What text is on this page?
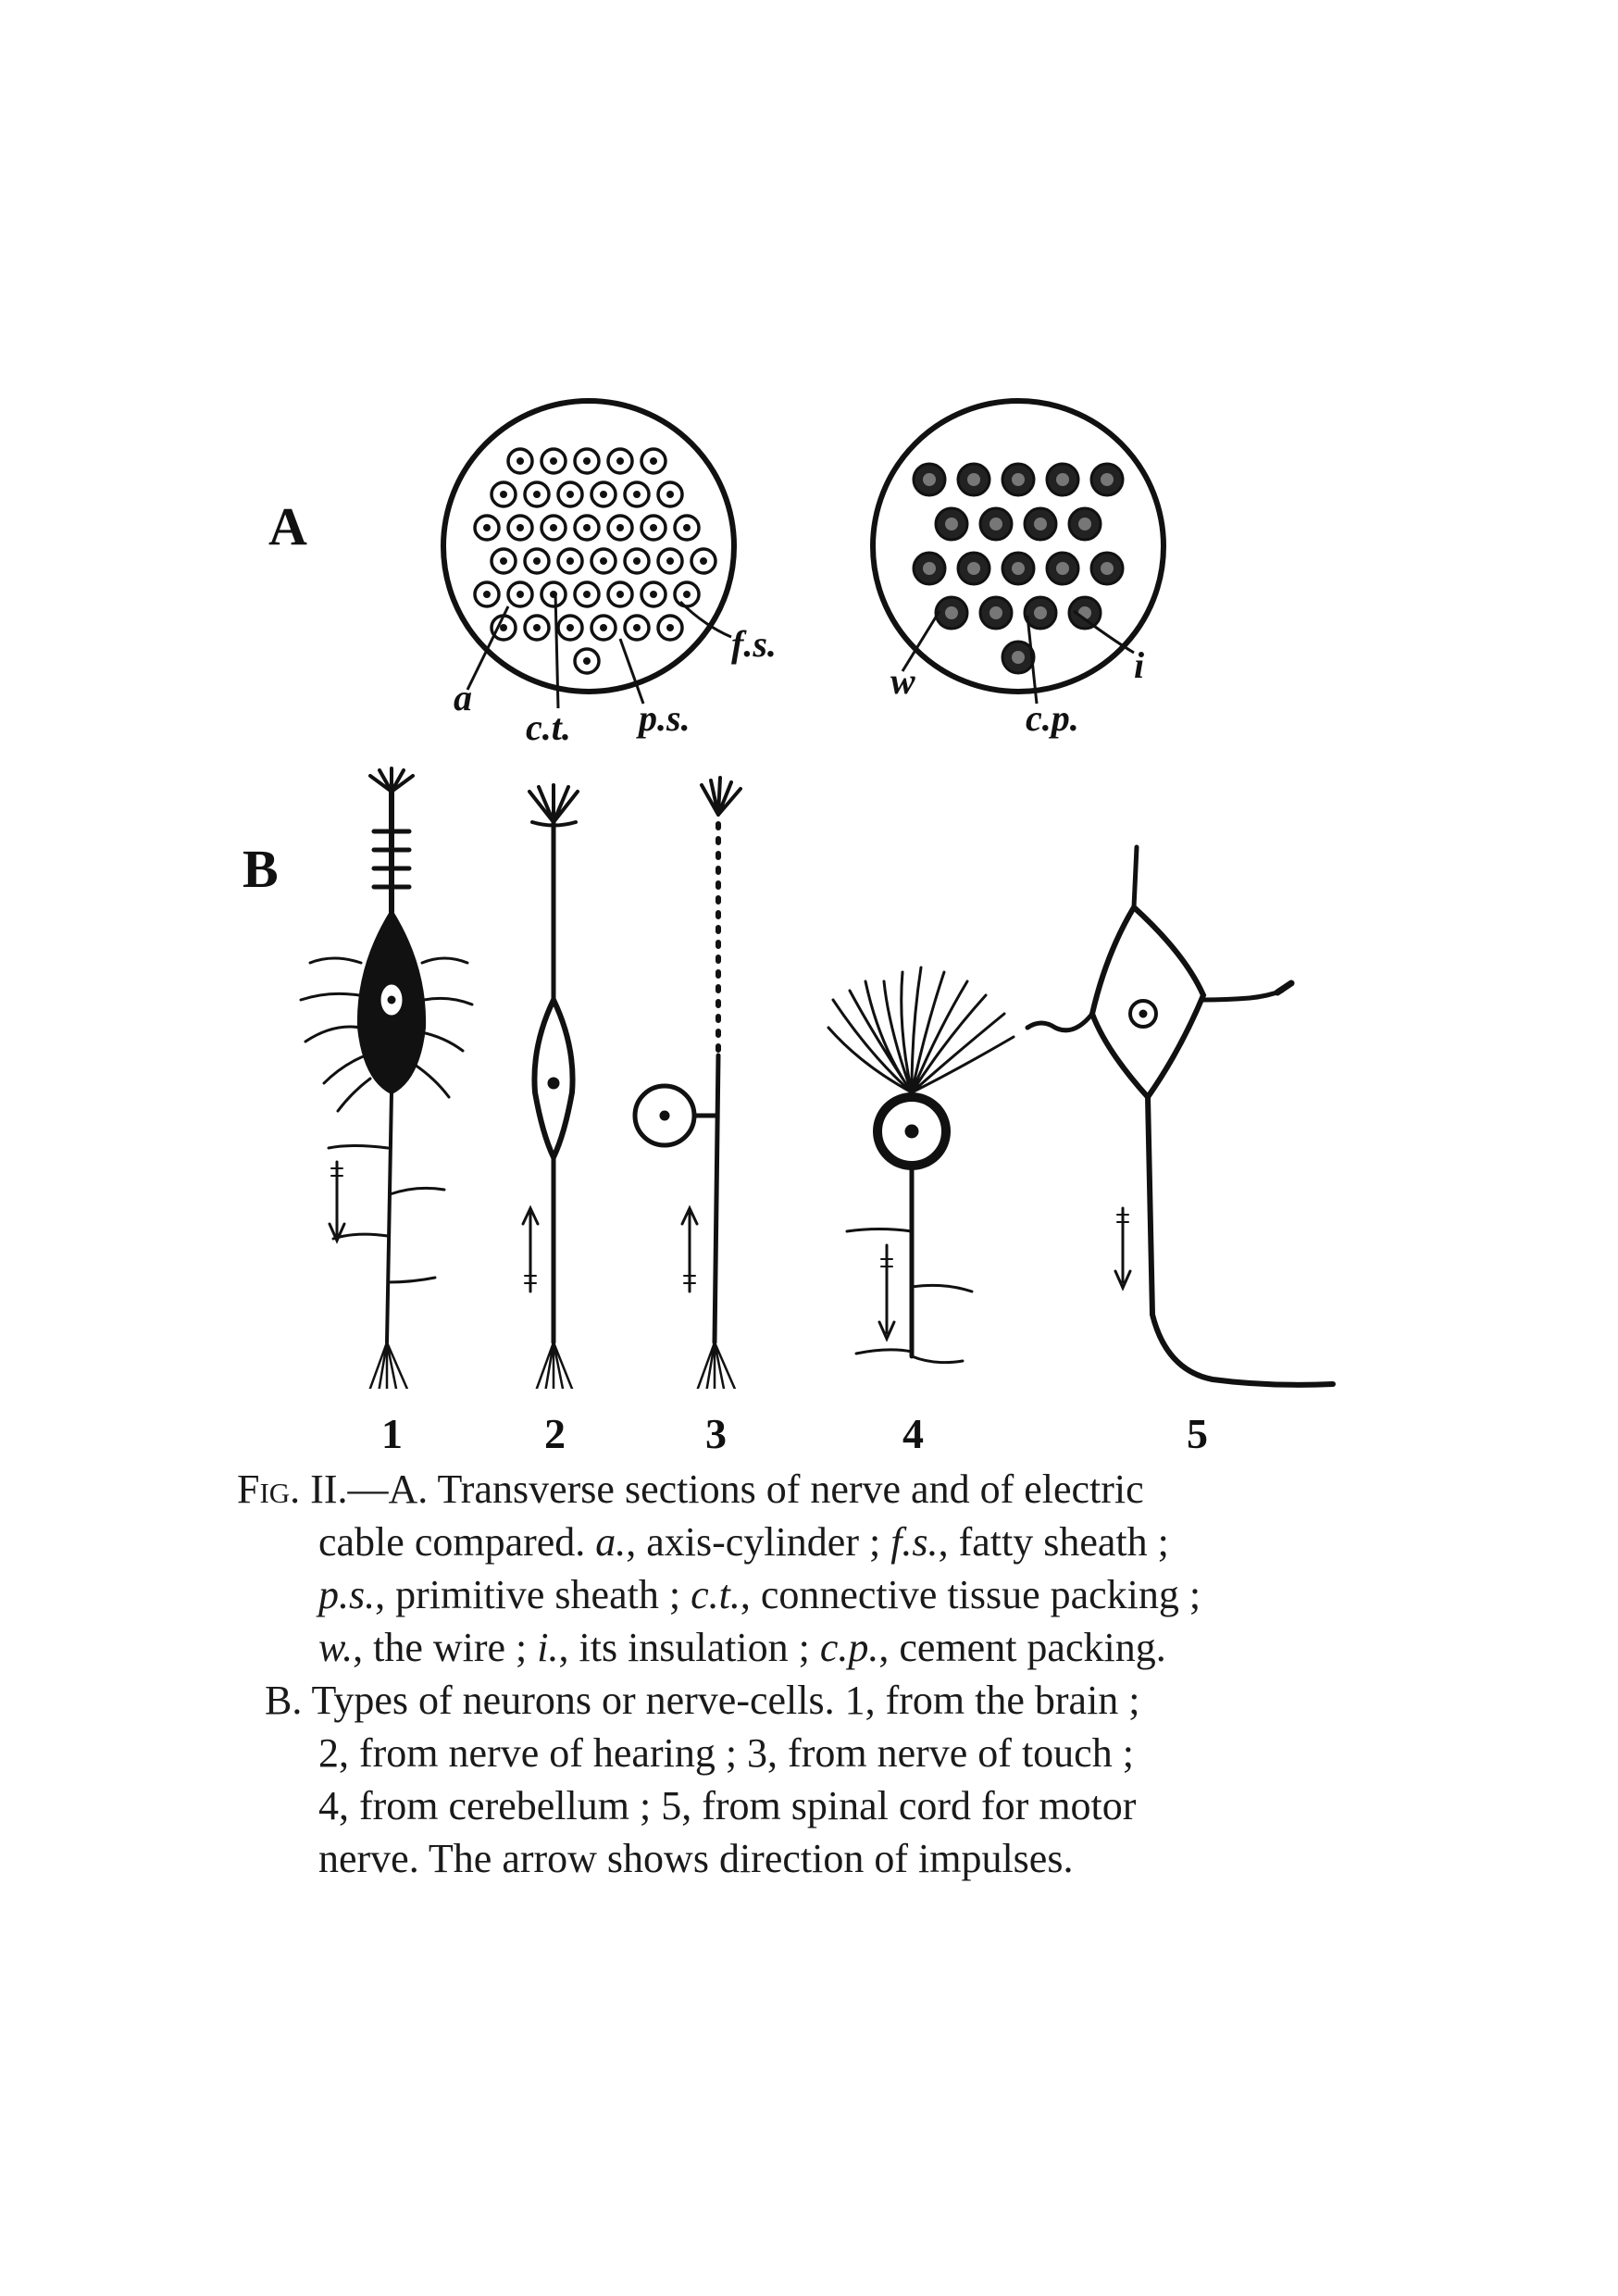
A
B
a
c.t. p.s.
f.s.
w
c.p.
i
1	2	3	4	5
Fig. II.—A. Transverse sections of nerve and of electric
cable compared. a., axis-cylinder ; f.s., fatty sheath ;
p.s., primitive sheath ; c.t., connective tissue packing ;
w., the wire ; i., its insulation ; c.p., cement packing.
B. Types of neurons or nerve-cells. 1, from the brain ;
2, from nerve of hearing ; 3, from nerve of touch ;
4, from cerebellum ; 5, from spinal cord for motor
nerve. The arrow shows direction of impulses.
